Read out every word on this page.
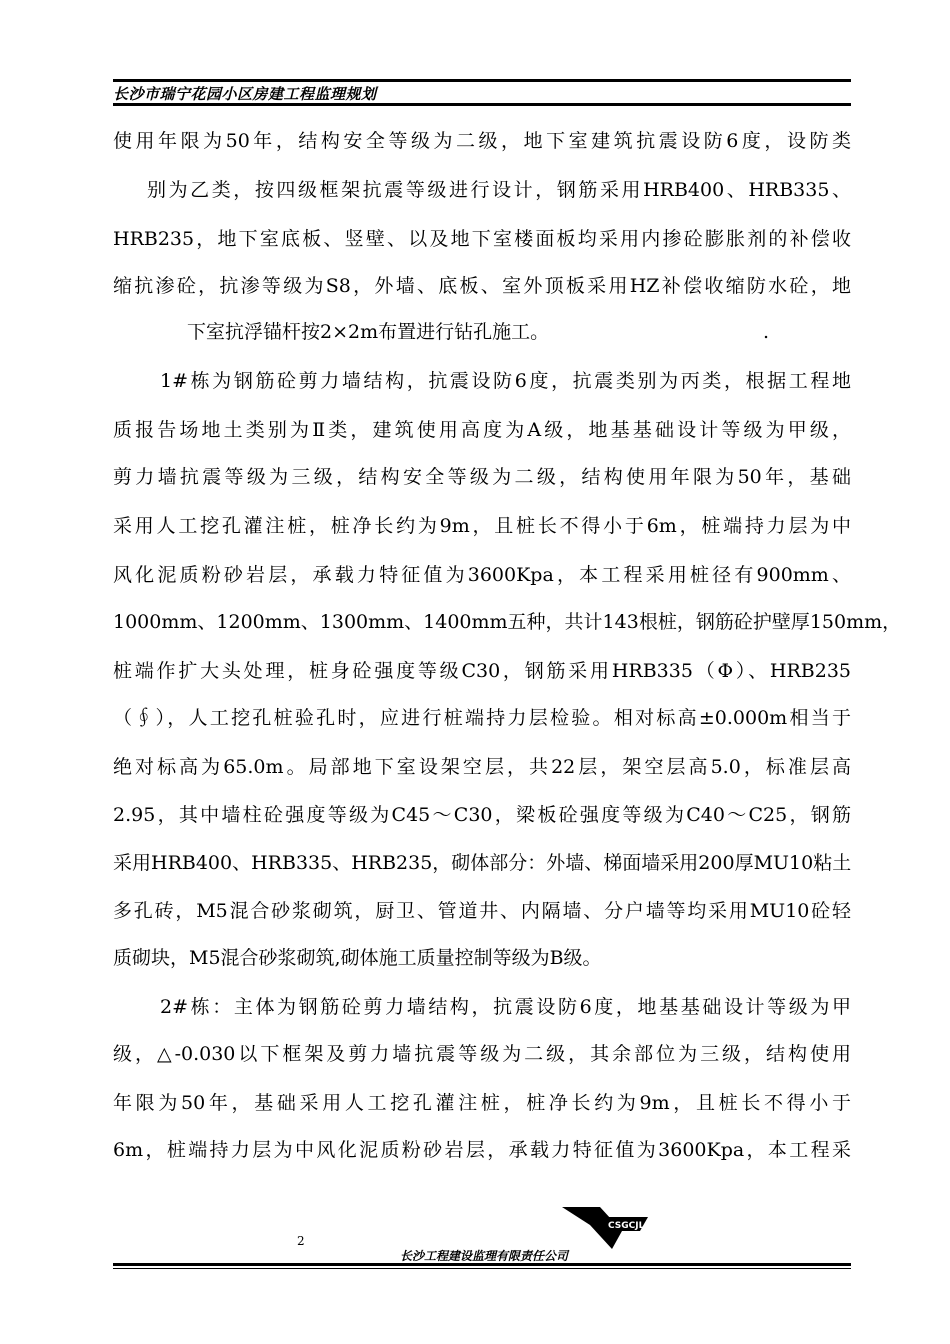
长沙市瑞宁花园小区房建工程监理规划
使用年限为50年，结构安全等级为二级，地下室建筑抗震设防6度，设防类
别为乙类，按四级框架抗震等级进行设计，钢筋采用HRB400、HRB335、
HRB235，地下室底板、竖壁、以及地下室楼面板均采用内掺砼膨胀剂的补偿收
缩抗渗砼，抗渗等级为S8，外墙、底板、室外顶板采用HZ补偿收缩防水砼，地
下室抗浮锚杆按2×2m布置进行钻孔施工。	.
1#栋为钢筋砼剪力墙结构，抗震设防6度，抗震类别为丙类，根据工程地
质报告场地土类别为Ⅱ类，建筑使用高度为A级，地基基础设计等级为甲级，
剪力墙抗震等级为三级，结构安全等级为二级，结构使用年限为50年，基础
采用人工挖孔灌注桩，桩净长约为9m，且桩长不得小于6m，桩端持力层为中
风化泥质粉砂岩层，承载力特征值为3600Kpa，本工程采用桩径有900mm、
1000mm、1200mm、1300mm、1400mm五种，共计143根桩，钢筋砼护壁厚150mm，
桩端作扩大头处理，桩身砼强度等级C30，钢筋采用HRB335（Φ）、HRB235
（∮），人工挖孔桩验孔时，应进行桩端持力层检验。相对标高±0.000m相当于
绝对标高为65.0m。局部地下室设架空层，共22层，架空层高5.0，标准层高
2.95，其中墙柱砼强度等级为C45～C30，梁板砼强度等级为C40～C25，钢筋
采用HRB400、HRB335、HRB235，砌体部分：外墙、梯面墙采用200厚MU10粘土
多孔砖，M5混合砂浆砌筑，厨卫、管道井、内隔墙、分户墙等均采用MU10砼轻
质砌块，M5混合砂浆砌筑,砌体施工质量控制等级为B级。
2#栋：主体为钢筋砼剪力墙结构，抗震设防6度，地基基础设计等级为甲
级，△-0.030以下框架及剪力墙抗震等级为二级，其余部位为三级，结构使用
年限为50年，基础采用人工挖孔灌注桩，桩净长约为9m，且桩长不得小于
6m，桩端持力层为中风化泥质粉砂岩层，承载力特征值为3600Kpa，本工程采
2
CSGCJL
长沙工程建设监理有限责任公司
